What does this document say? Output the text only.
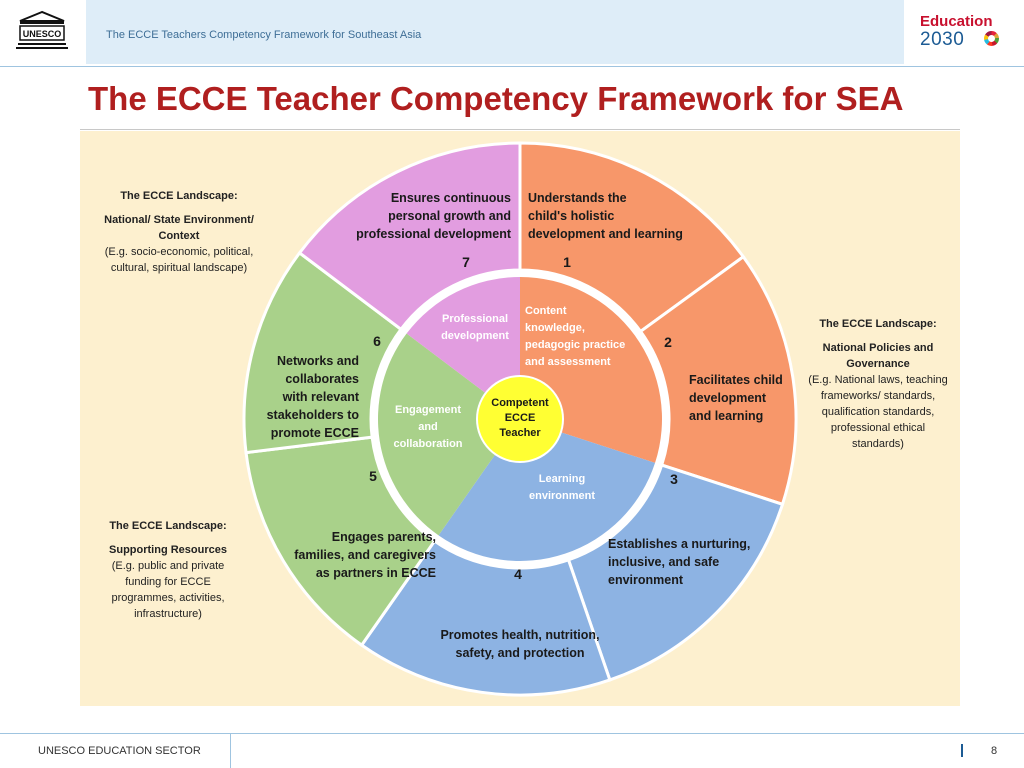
UNESCO	The ECCE Teachers Competency Framework for Southeast Asia
Education
2030
The ECCE Teacher Competency Framework for SEA
The ECCE Landscape:
National/ State Environment/ Context
(E.g. socio-economic, political, cultural, spiritual landscape)
The ECCE Landscape:
National Policies and Governance
(E.g. National laws, teaching frameworks/ standards, qualification standards, professional ethical standards)
The ECCE Landscape:
Supporting Resources
(E.g. public and private funding for ECCE programmes, activities, infrastructure)
Understands the
child's holistic
development and learning
Facilitates child
development
and learning
Establishes a nurturing,
inclusive, and safe
environment
Promotes health, nutrition,
safety, and protection
Engages parents,
families, and caregivers
as partners in ECCE
Networks and
collaborates
with relevant
stakeholders to
promote ECCE
Ensures continuous
personal growth and
professional development
1
2
3
4
5
6
7
Professional
development
Content
knowledge,
pedagogic practice
and assessment
Engagement
and
collaboration
Learning
environment
Competent
ECCE
Teacher
UNESCO EDUCATION SECTOR	8
